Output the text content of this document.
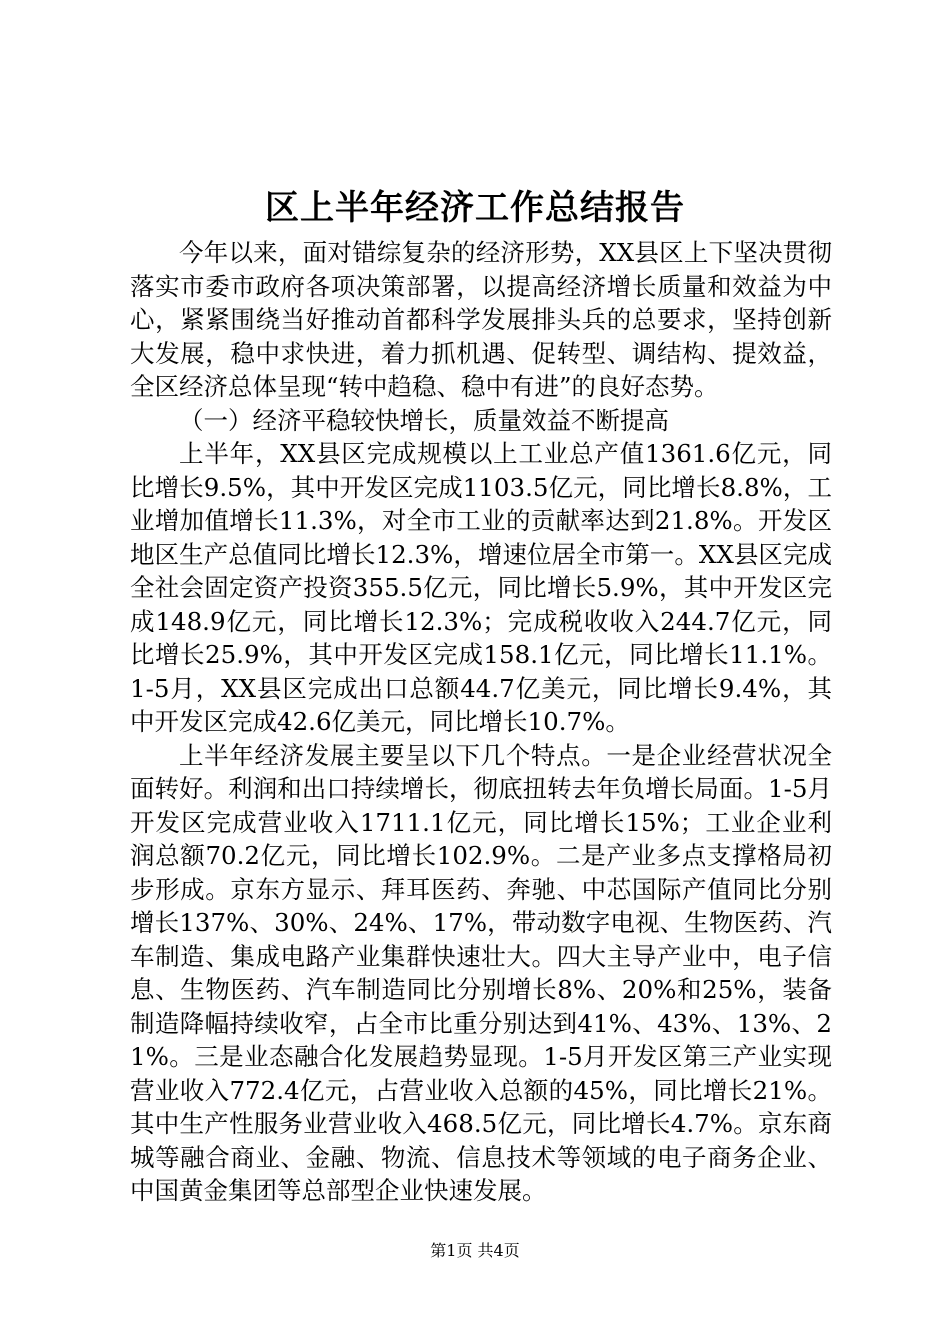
区上半年经济工作总结报告

今年以来，面对错综复杂的经济形势，XX县区上下坚决贯彻落实市委市政府各项决策部署，以提高经济增长质量和效益为中心，紧紧围绕当好推动首都科学发展排头兵的总要求，坚持创新大发展，稳中求快进，着力抓机遇、促转型、调结构、提效益，全区经济总体呈现“转中趋稳、稳中有进”的良好态势。

（一）经济平稳较快增长，质量效益不断提高

上半年，XX县区完成规模以上工业总产值1361.6亿元，同比增长9.5%，其中开发区完成1103.5亿元，同比增长8.8%，工业增加值增长11.3%，对全市工业的贡献率达到21.8%。开发区地区生产总值同比增长12.3%，增速位居全市第一。XX县区完成全社会固定资产投资355.5亿元，同比增长5.9%，其中开发区完成148.9亿元，同比增长12.3%；完成税收收入244.7亿元，同比增长25.9%，其中开发区完成158.1亿元，同比增长11.1%。1-5月，XX县区完成出口总额44.7亿美元，同比增长9.4%，其中开发区完成42.6亿美元，同比增长10.7%。

上半年经济发展主要呈以下几个特点。一是企业经营状况全面转好。利润和出口持续增长，彻底扭转去年负增长局面。1-5月开发区完成营业收入1711.1亿元，同比增长15%；工业企业利润总额70.2亿元，同比增长102.9%。二是产业多点支撑格局初步形成。京东方显示、拜耳医药、奔驰、中芯国际产值同比分别增长137%、30%、24%、17%，带动数字电视、生物医药、汽车制造、集成电路产业集群快速壮大。四大主导产业中，电子信息、生物医药、汽车制造同比分别增长8%、20%和25%，装备制造降幅持续收窄，占全市比重分别达到41%、43%、13%、21%。三是业态融合化发展趋势显现。1-5月开发区第三产业实现营业收入772.4亿元，占营业收入总额的45%，同比增长21%。其中生产性服务业营业收入468.5亿元，同比增长4.7%。京东商城等融合商业、金融、物流、信息技术等领域的电子商务企业、中国黄金集团等总部型企业快速发展。

第1页 共4页
